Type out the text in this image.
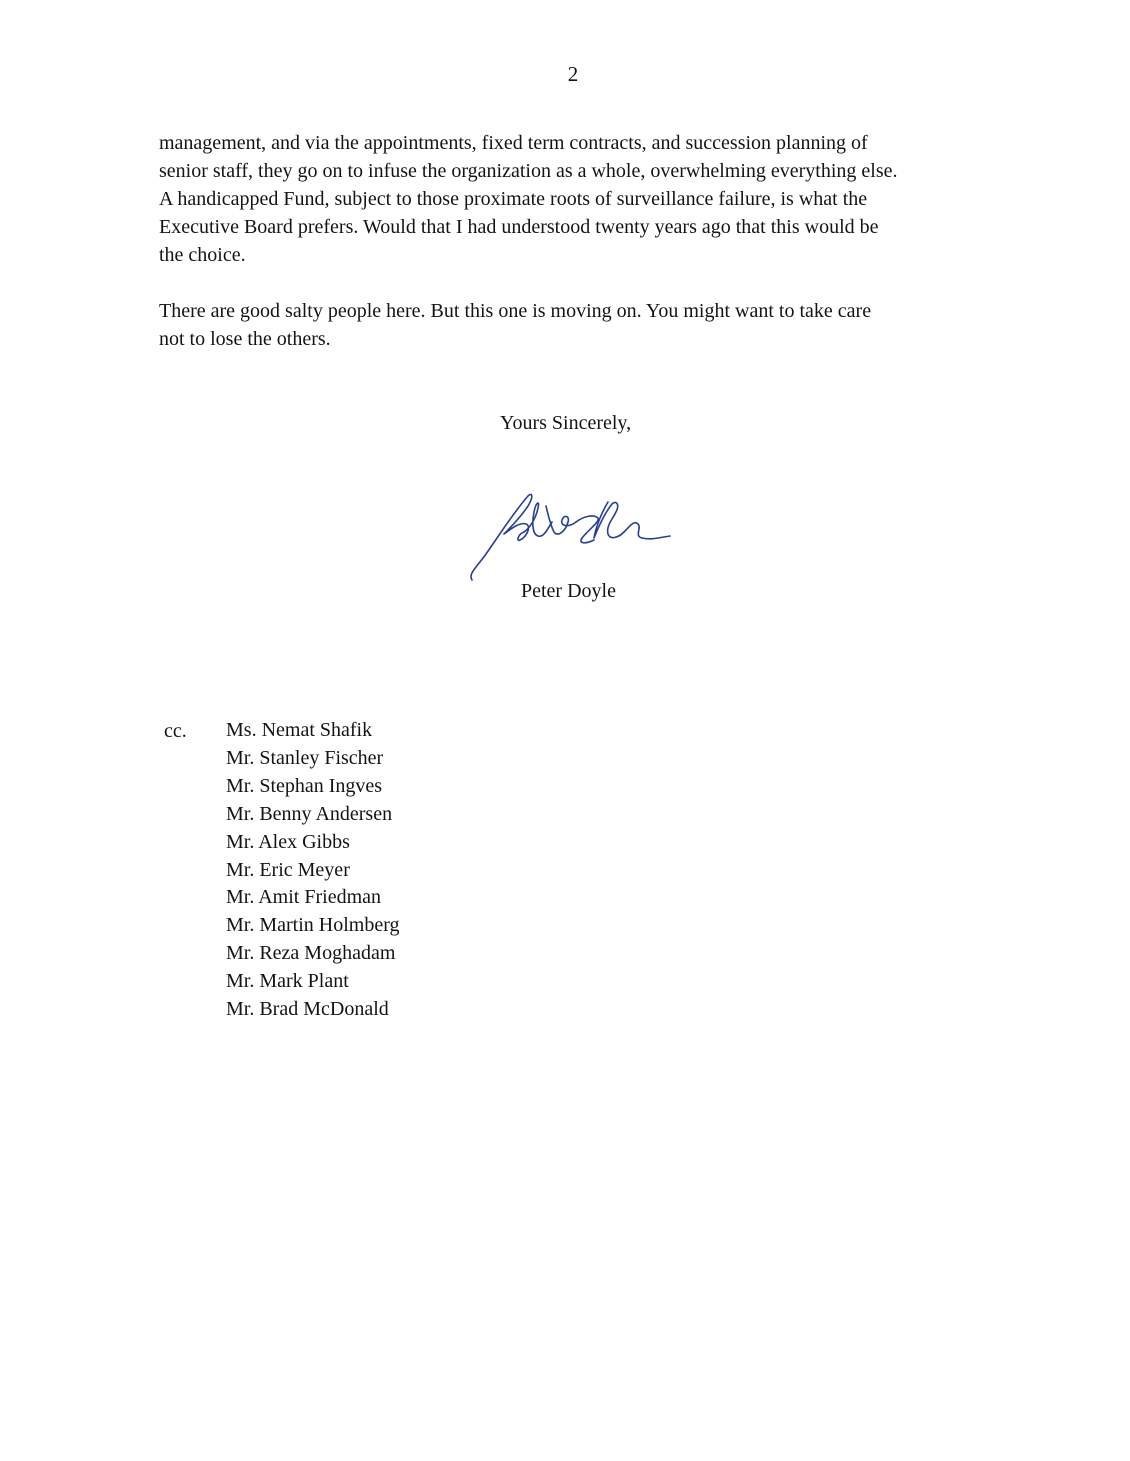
2

management, and via the appointments, fixed term contracts, and succession planning of
senior staff, they go on to infuse the organization as a whole, overwhelming everything else.
A handicapped Fund, subject to those proximate roots of surveillance failure, is what the
Executive Board prefers. Would that I had understood twenty years ago that this would be
the choice.

There are good salty people here. But this one is moving on. You might want to take care
not to lose the others.

Yours Sincerely,
Peter Doyle
cc. Ms. Nemat Shafik
Mr. Stanley Fischer
Mr. Stephan Ingves
Mr. Benny Andersen
Mr. Alex Gibbs
Mr. Eric Meyer
Mr. Amit Friedman
Mr. Martin Holmberg
Mr. Reza Moghadam
Mr. Mark Plant
Mr. Brad McDonald
